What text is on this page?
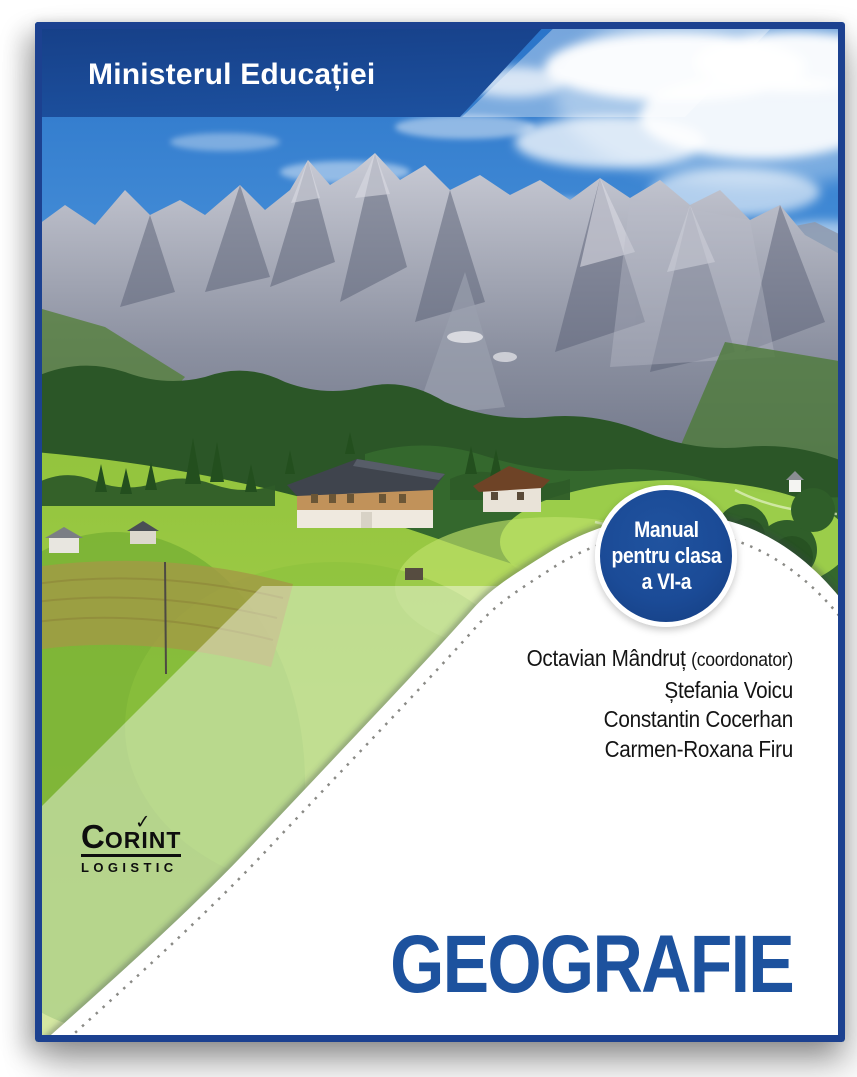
Ministerul Educației
Manual
pentru clasa
a VI-a
Octavian Mândruț (coordonator)
Ștefania Voicu
Constantin Cocerhan
Carmen-Roxana Firu
CORI
✓
NT
LOGISTIC
GEOGRAFIE
